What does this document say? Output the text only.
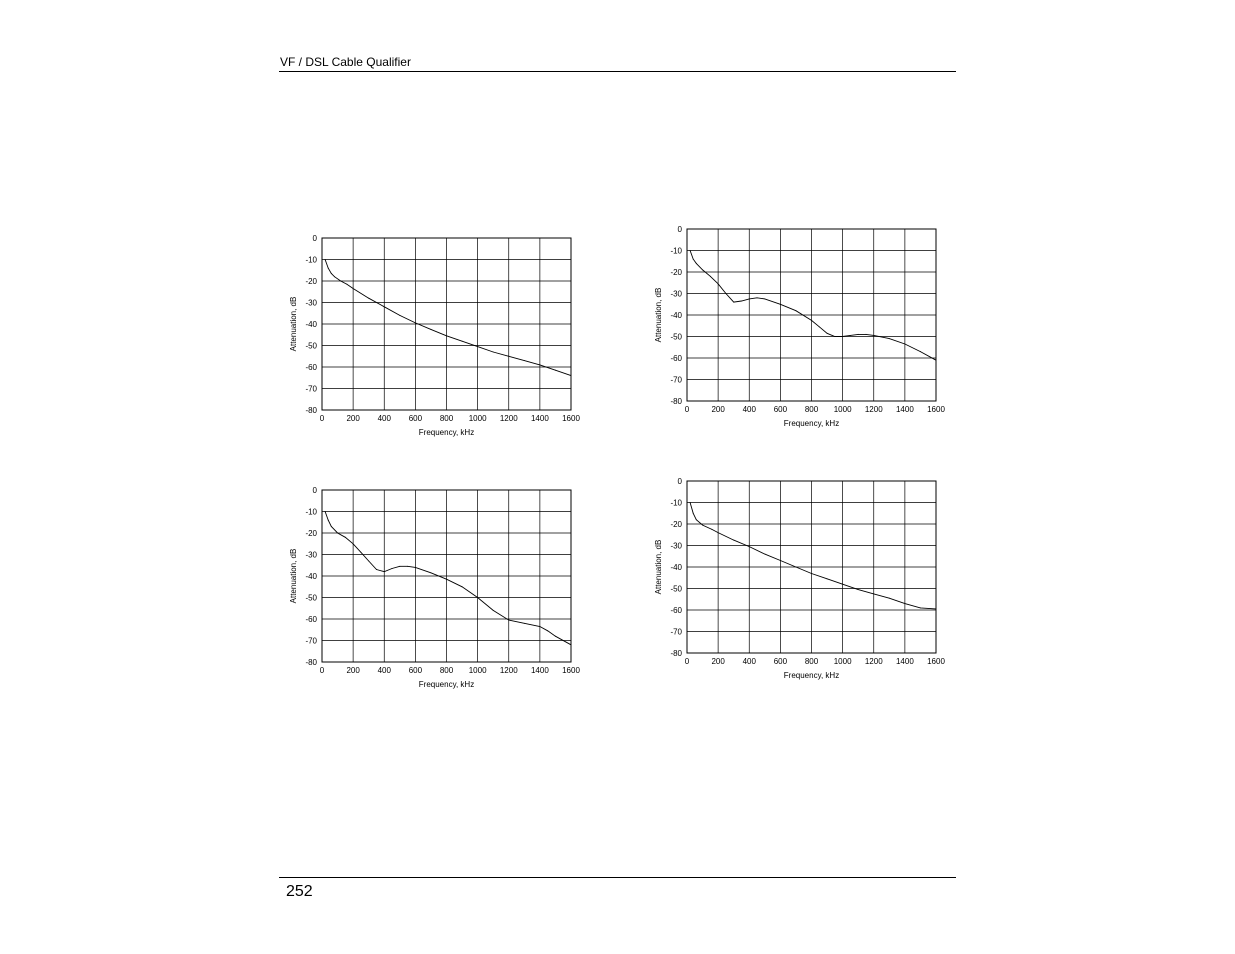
VF / DSL Cable Qualifier
0	200 400 600 800 1000 1200 1400 1600
0
-10
-20
-30
-40
-50
-60
-70
-80
Frequency, kHz
Attenuation, dB
0	200 400 600 800 1000 1200 1400 1600
0
-10
-20
-30
-40
-50
-60
-70
-80
Frequency, kHz
Attenuation, dB
0	200 400 600 800 1000 1200 1400 1600
0
-10
-20
-30
-40
-50
-60
-70
-80
Frequency, kHz
Attenuation, dB
0	200 400 600 800 1000 1200 1400 1600
0
-10
-20
-30
-40
-50
-60
-70
-80
Frequency, kHz
Attenuation, dB
252
